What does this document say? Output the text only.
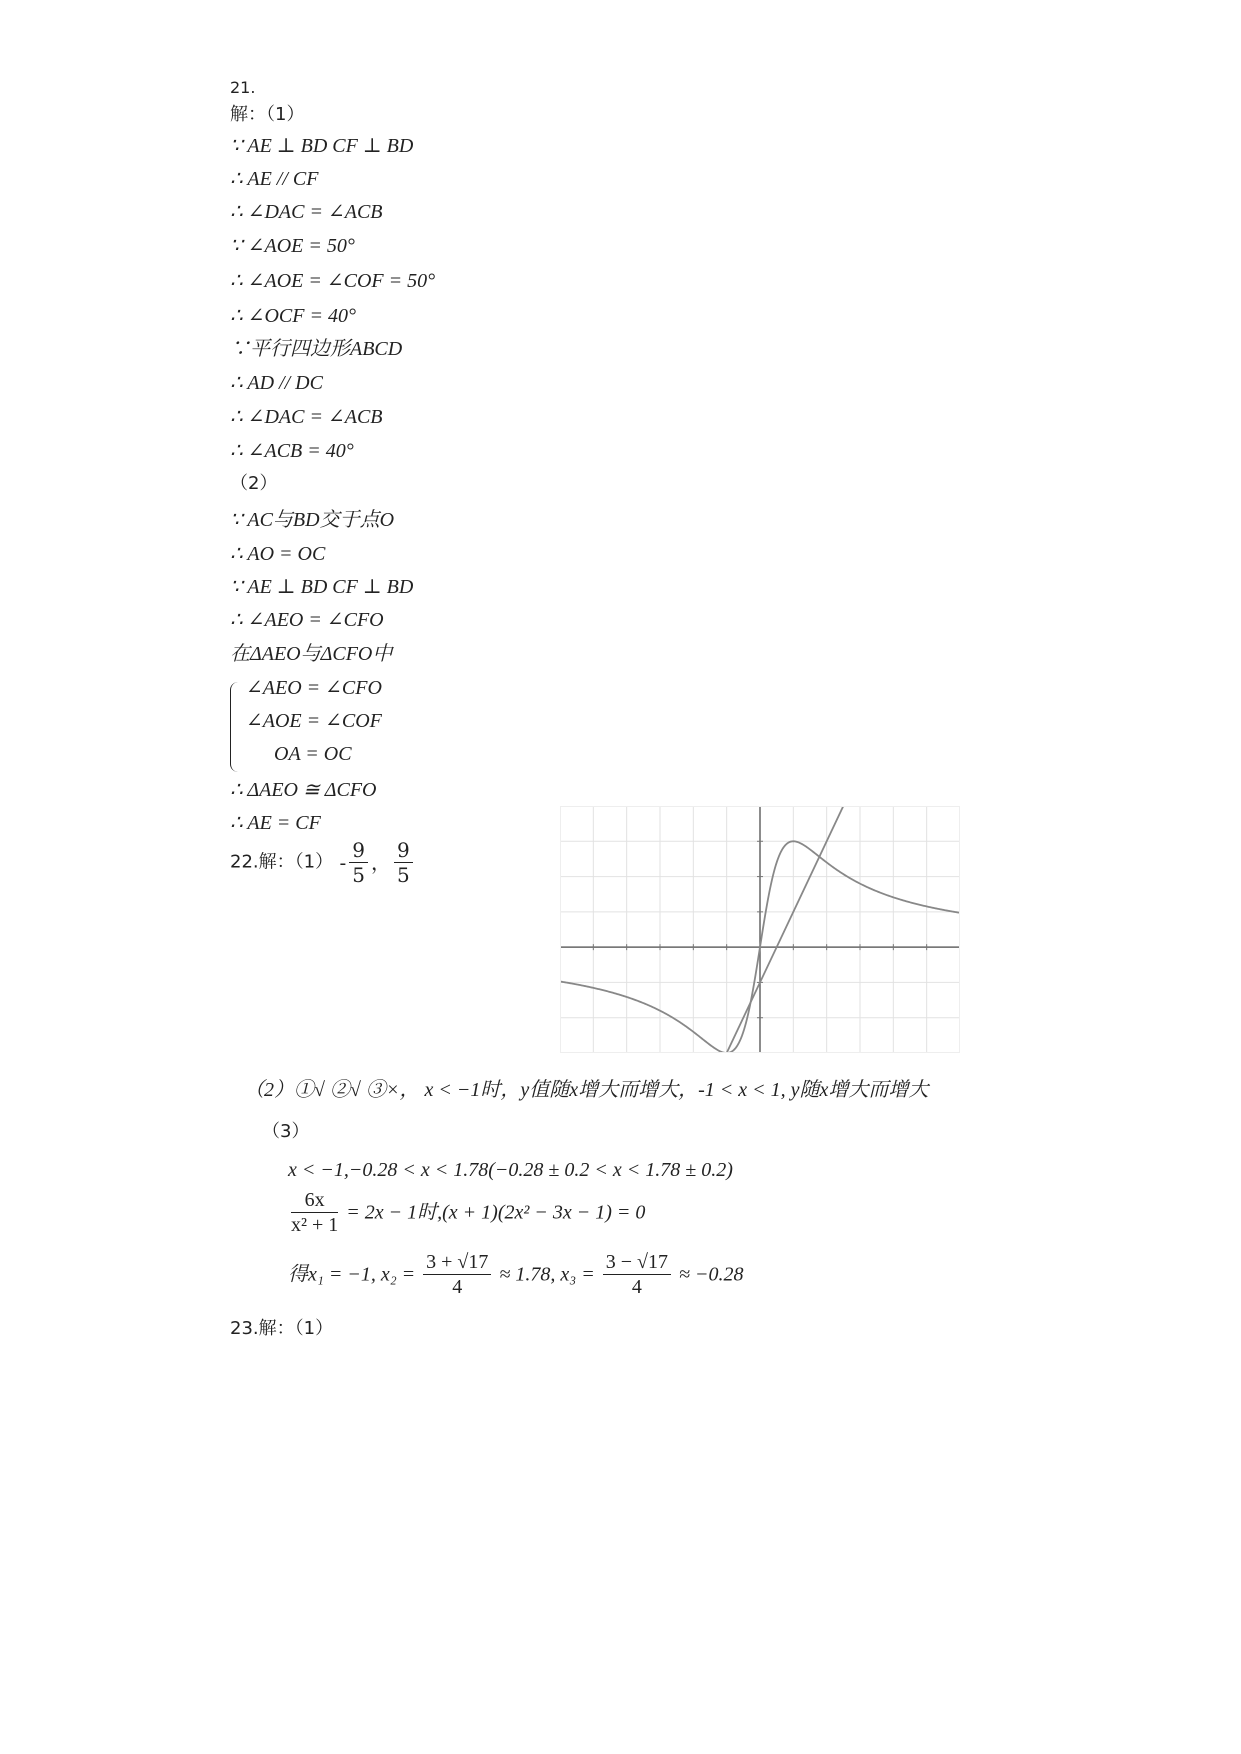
21.
解：（1）
∵ AE ⊥ BD CF ⊥ BD
∴ AE // CF
∴ ∠DAC = ∠ACB
∵ ∠AOE = 50°
∴ ∠AOE = ∠COF = 50°
∴ ∠OCF = 40°
∵平行四边形ABCD
∴ AD // DC
∴ ∠DAC = ∠ACB
∴ ∠ACB = 40°
（2）
∵ AC与BD交于点O
∴ AO = OC
∵ AE ⊥ BD CF ⊥ BD
∴ ∠AEO = ∠CFO
在ΔAEO与ΔCFO中
∠AEO = ∠CFO
∠AOE = ∠COF
OA = OC
∴ ΔAEO ≅ ΔCFO
∴ AE = CF
22.解：$(1) - \frac{9}{5}$ ， $\frac{9}{5}$
（2）①√ ②√ ③×， x < −1时，y值随x增大而增大，-1 < x < 1, y随x增大而增大
（3）
x < −1,−0.28 < x < 1.78(−0.28 ± 0.2 < x < 1.78 ± 0.2)
$\frac{6x}{\text{x² + 1}} = 2x - 1$时,(x + 1)(2x² − 3x − 1) = 0
得x₁ = −1, $x_2 = \frac{3 + √17}{4} \approx 1.78$, $x_3 = \frac{3 - √17}{4} \approx -0.28$
23.解：（1）
